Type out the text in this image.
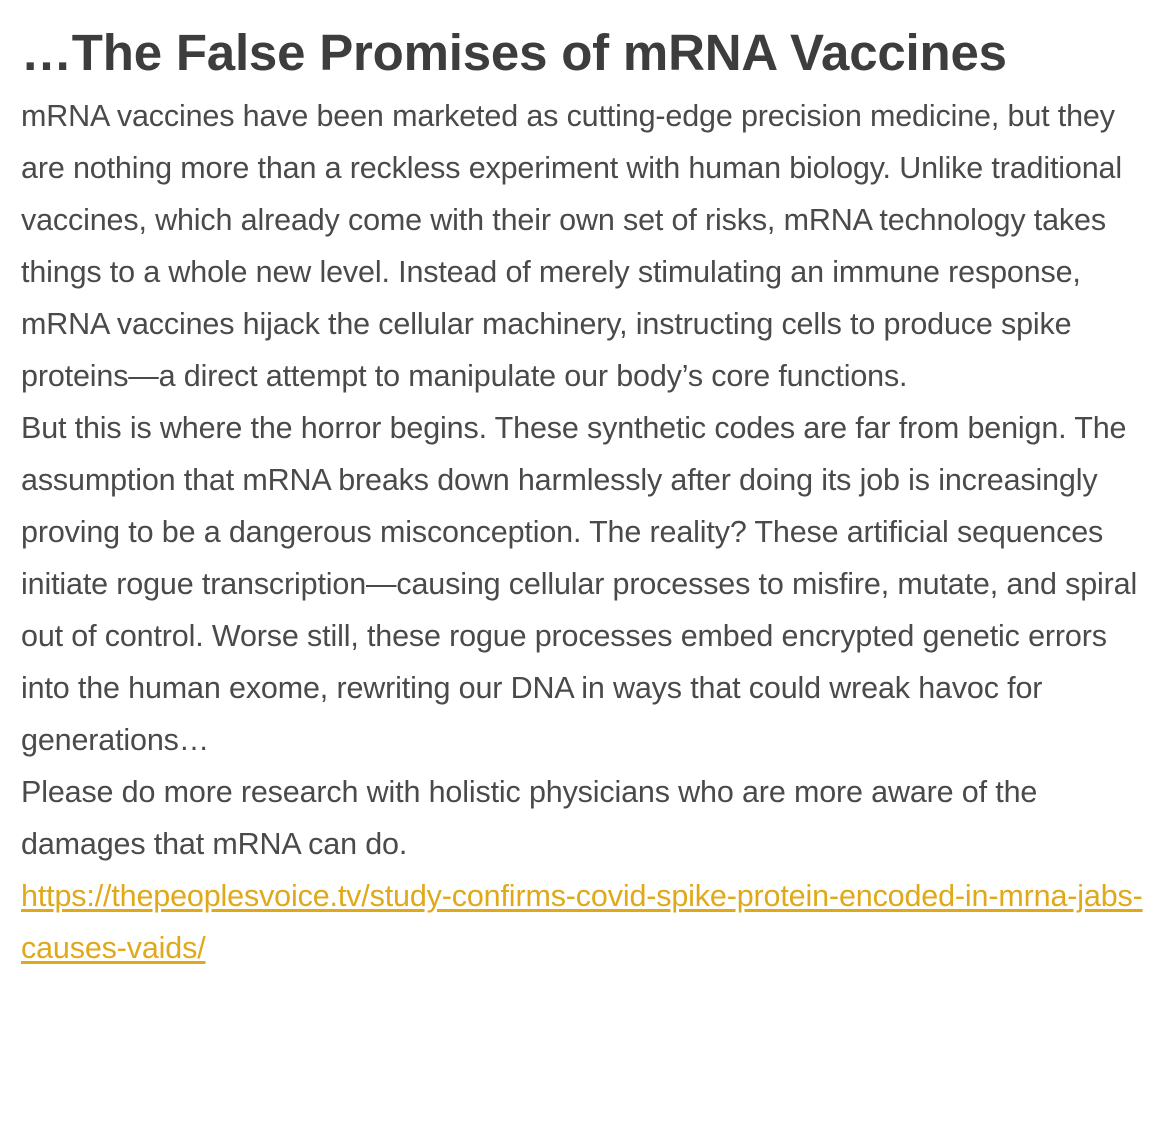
…The False Promises of mRNA Vaccines

mRNA vaccines have been marketed as cutting-edge precision medicine, but they are nothing more than a reckless experiment with human biology. Unlike traditional vaccines, which already come with their own set of risks, mRNA technology takes things to a whole new level. Instead of merely stimulating an immune response, mRNA vaccines hijack the cellular machinery, instructing cells to produce spike proteins—a direct attempt to manipulate our body’s core functions.

But this is where the horror begins. These synthetic codes are far from benign. The assumption that mRNA breaks down harmlessly after doing its job is increasingly proving to be a dangerous misconception. The reality? These artificial sequences initiate rogue transcription—causing cellular processes to misfire, mutate, and spiral out of control. Worse still, these rogue processes embed encrypted genetic errors into the human exome, rewriting our DNA in ways that could wreak havoc for generations…

Please do more research with holistic physicians who are more aware of the damages that mRNA can do.

https://thepeoplesvoice.tv/study-confirms-covid-spike-protein-encoded-in-mrna-jabs-causes-vaids/
